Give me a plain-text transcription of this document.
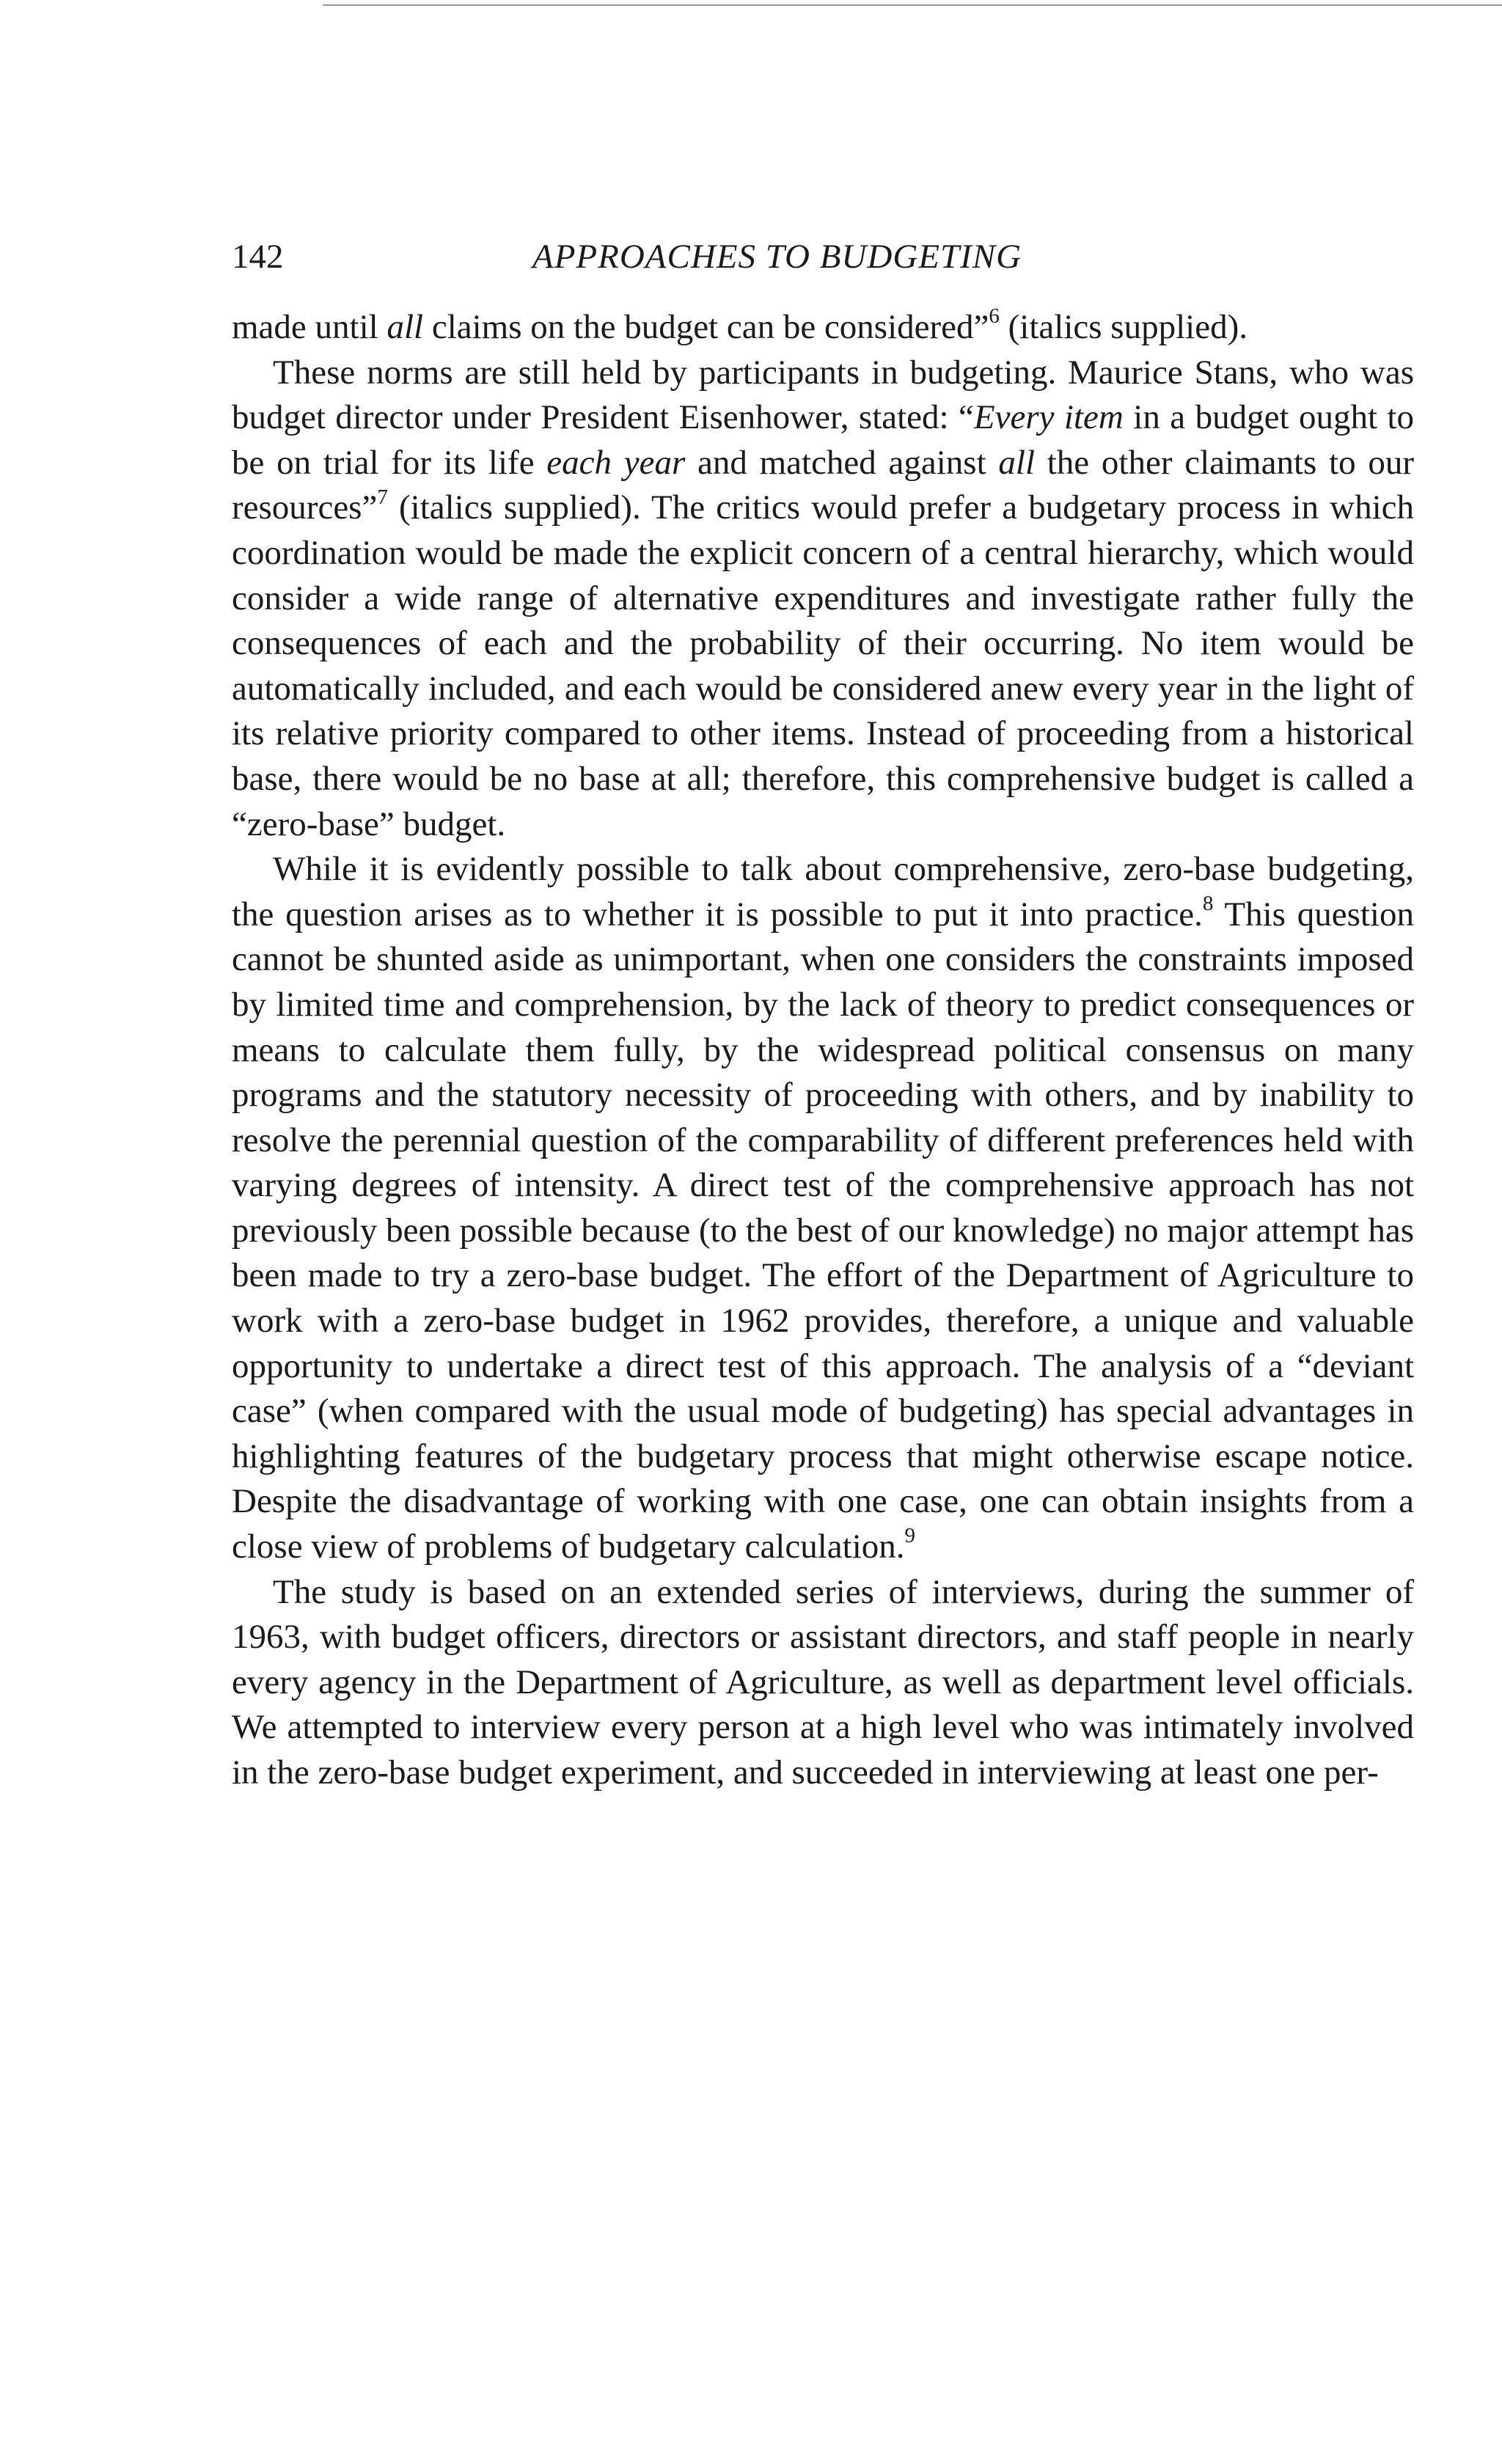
142	APPROACHES TO BUDGETING

made until all claims on the budget can be considered”$^6$ (italics supplied).

These norms are still held by participants in budgeting. Maurice Stans, who was budget director under President Eisenhower, stated: “Every item in a budget ought to be on trial for its life each year and matched against all the other claimants to our resources”$^7$ (italics supplied). The critics would prefer a budgetary process in which coordination would be made the explicit concern of a central hierarchy, which would consider a wide range of alternative expenditures and investigate rather fully the consequences of each and the probability of their occurring. No item would be automatically included, and each would be considered anew every year in the light of its relative priority compared to other items. Instead of proceeding from a historical base, there would be no base at all; therefore, this comprehensive budget is called a “zero-base” budget.

While it is evidently possible to talk about comprehensive, zero-base budgeting, the question arises as to whether it is possible to put it into practice.$^8$ This question cannot be shunted aside as unimportant, when one considers the constraints imposed by limited time and comprehension, by the lack of theory to predict consequences or means to calculate them fully, by the widespread political consensus on many programs and the statutory necessity of proceeding with others, and by inability to resolve the perennial question of the comparability of different preferences held with varying degrees of intensity. A direct test of the comprehensive approach has not previously been possible because (to the best of our knowledge) no major attempt has been made to try a zero-base budget. The effort of the Department of Agriculture to work with a zero-base budget in 1962 provides, therefore, a unique and valuable opportunity to undertake a direct test of this approach. The analysis of a “deviant case” (when compared with the usual mode of budgeting) has special advantages in highlighting features of the budgetary process that might otherwise escape notice. Despite the disadvantage of working with one case, one can obtain insights from a close view of problems of budgetary calculation.$^9$

The study is based on an extended series of interviews, during the summer of 1963, with budget officers, directors or assistant directors, and staff people in nearly every agency in the Department of Agriculture, as well as department level officials. We attempted to interview every person at a high level who was intimately involved in the zero-base budget experiment, and succeeded in interviewing at least one per-
